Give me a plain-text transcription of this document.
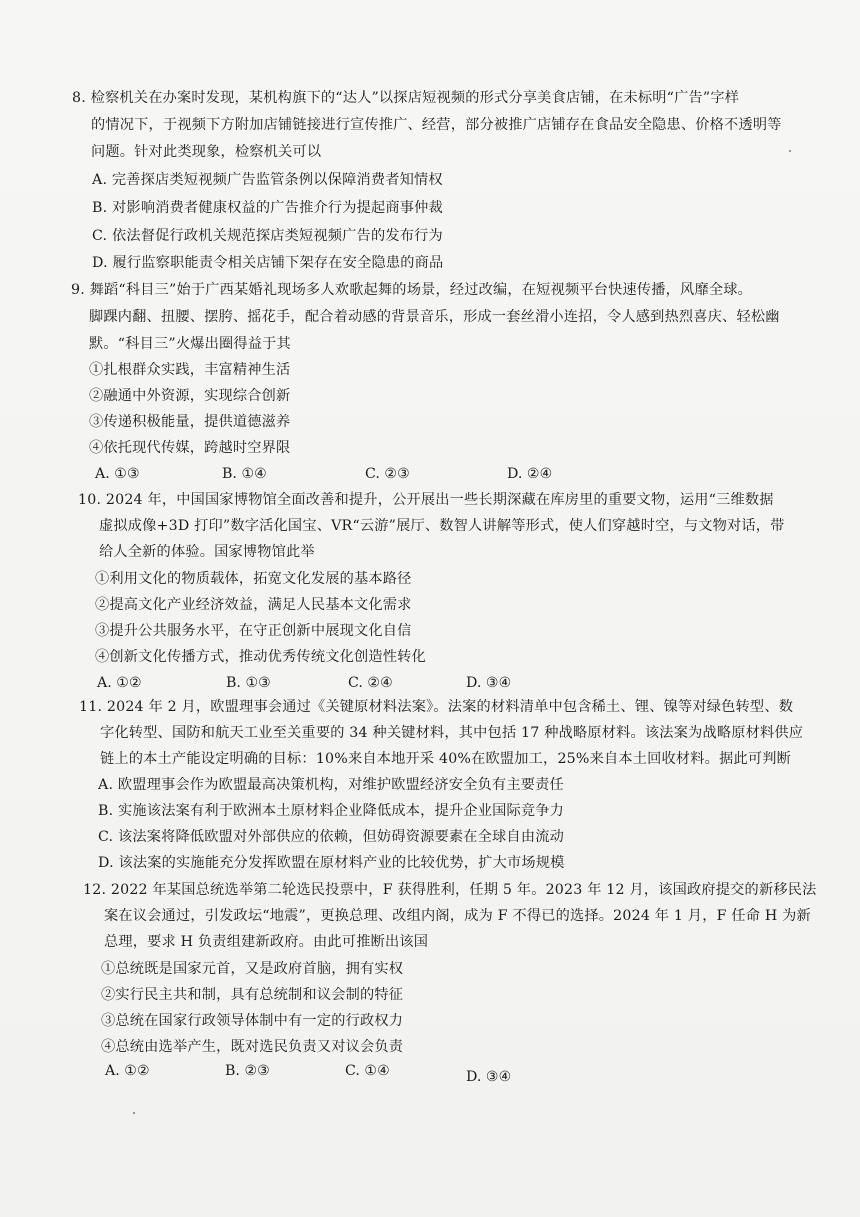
8. 检察机关在办案时发现，某机构旗下的“达人”以探店短视频的形式分享美食店铺，在未标明“广告”字样
的情况下，于视频下方附加店铺链接进行宣传推广、经营，部分被推广店铺存在食品安全隐患、价格不透明等
问题。针对此类现象，检察机关可以
A. 完善探店类短视频广告监管条例以保障消费者知情权
B. 对影响消费者健康权益的广告推介行为提起商事仲裁
C. 依法督促行政机关规范探店类短视频广告的发布行为
D. 履行监察职能责令相关店铺下架存在安全隐患的商品
9. 舞蹈“科目三”始于广西某婚礼现场多人欢歌起舞的场景，经过改编，在短视频平台快速传播，风靡全球。
脚踝内翻、扭腰、摆胯、摇花手，配合着动感的背景音乐，形成一套丝滑小连招，令人感到热烈喜庆、轻松幽
默。“科目三”火爆出圈得益于其
①扎根群众实践，丰富精神生活
②融通中外资源，实现综合创新
③传递积极能量，提供道德滋养
④依托现代传媒，跨越时空界限
A. ①③	B. ①④	C. ②③	D. ②④
10. 2024 年，中国国家博物馆全面改善和提升，公开展出一些长期深藏在库房里的重要文物，运用“三维数据
虚拟成像+3D 打印”数字活化国宝、VR“云游”展厅、数智人讲解等形式，使人们穿越时空，与文物对话，带
给人全新的体验。国家博物馆此举
①利用文化的物质载体，拓宽文化发展的基本路径
②提高文化产业经济效益，满足人民基本文化需求
③提升公共服务水平，在守正创新中展现文化自信
④创新文化传播方式，推动优秀传统文化创造性转化
A. ①②	B. ①③	C. ②④	D. ③④
11. 2024 年 2 月，欧盟理事会通过《关键原材料法案》。法案的材料清单中包含稀土、锂、镍等对绿色转型、数
字化转型、国防和航天工业至关重要的 34 种关键材料，其中包括 17 种战略原材料。该法案为战略原材料供应
链上的本土产能设定明确的目标：10%来自本地开采 40%在欧盟加工，25%来自本土回收材料。据此可判断
A. 欧盟理事会作为欧盟最高决策机构，对维护欧盟经济安全负有主要责任
B. 实施该法案有利于欧洲本土原材料企业降低成本，提升企业国际竞争力
C. 该法案将降低欧盟对外部供应的依赖，但妨碍资源要素在全球自由流动
D. 该法案的实施能充分发挥欧盟在原材料产业的比较优势，扩大市场规模
12. 2022 年某国总统选举第二轮选民投票中，F 获得胜利，任期 5 年。2023 年 12 月，该国政府提交的新移民法
案在议会通过，引发政坛“地震”，更换总理、改组内阁，成为 F 不得已的选择。2024 年 1 月，F 任命 H 为新
总理，要求 H 负责组建新政府。由此可推断出该国
①总统既是国家元首，又是政府首脑，拥有实权
②实行民主共和制，具有总统制和议会制的特征
③总统在国家行政领导体制中有一定的行政权力
④总统由选举产生，既对选民负责又对议会负责
A. ①②	B. ②③	C. ①④	D. ③④
